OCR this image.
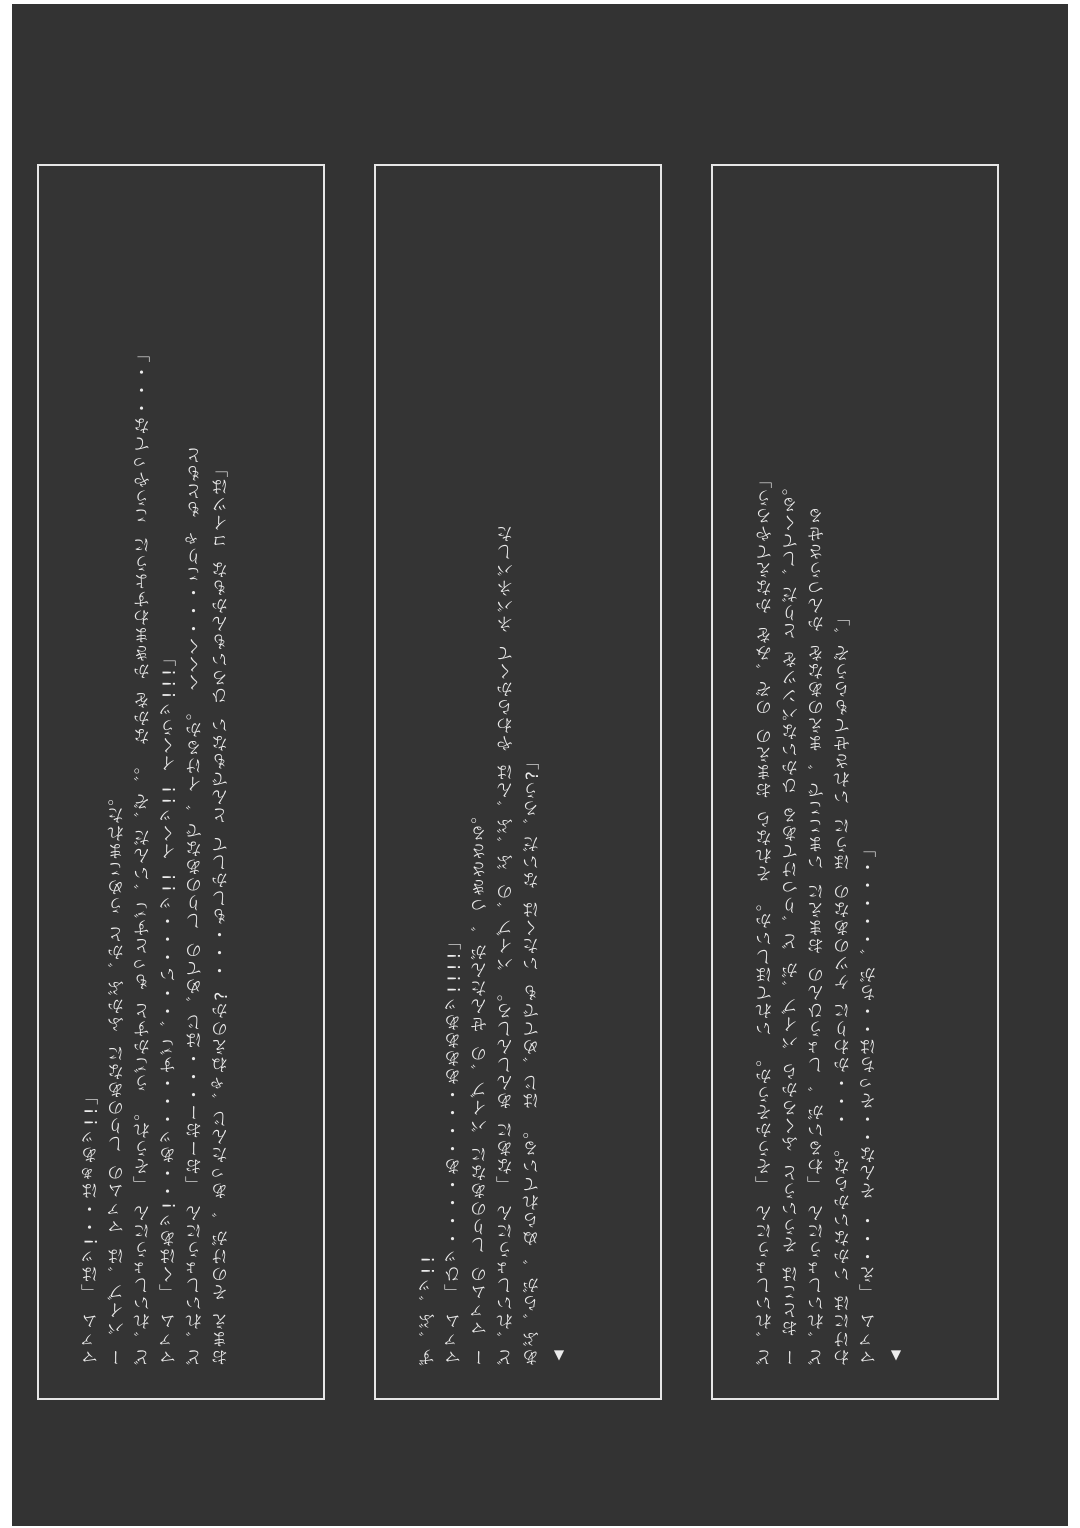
ど゛れいしょうにん 「そうかそうか。 いれてほしいか。 それなら おまえの のぞ゛みを かなえてやろう」 ー おとこは そういうと ふくろから バイブ゛が ど゛りつけてある ひかいなパンツを とりだ゛してくる。 ど゛れいしょうにん 「わるいが゛ しょうひんの おまえに いまここで゛ まえのあなを かんつうさせる わけには いかないからな。 ・・・かわりに ケツのあなの ほうに いれさせてもらうぞ゛」 マァム 「え・・・ そんな・・そっちは・・ちが゛・・・・・」 ▲
ず゛ぶ゛ッ!! マァム 「ひッ・・・・あ・・・・ああああッ!!!!」 ー マァムの しりのあなに バイブ゛の せんたんが゛ つきささる。 ど゛れいしょうにん 「なあに あんしんしろ。 バイブ゛の ぶ゛ぶ゛んは やわらかくて ネバネバした あぶ゛らが゛ ぬられている。 はじ゛めてでも いたくは ないだ゛ろう?」 ▲
マァム 「はッ!・・はぁあッ!!」 ー バイブ゛は マァムの しりのあなに ふかぶ゛かと うめこまれた。 ど゛れいしょうにん 「そうれ。 うごかすと もっとすご゛いんだ゛ぞ゛。 なかを かきまわすように こうやってな・・・」 マァム 「くはあッ!・・あッ・・・すご゛・・い・・・ッ!! イくッ!! イくうッ!!!」 ど゛れいしょうにん 「おーおー・・・はじ゛めての しりのあなで゛ イけるか。 くくく・・・こりゃ もともと おまえ そのけが゛ あったんじ゛ゃねえのか? ・・・もしかして とんでもない ひろいもんかもな コイツは」
